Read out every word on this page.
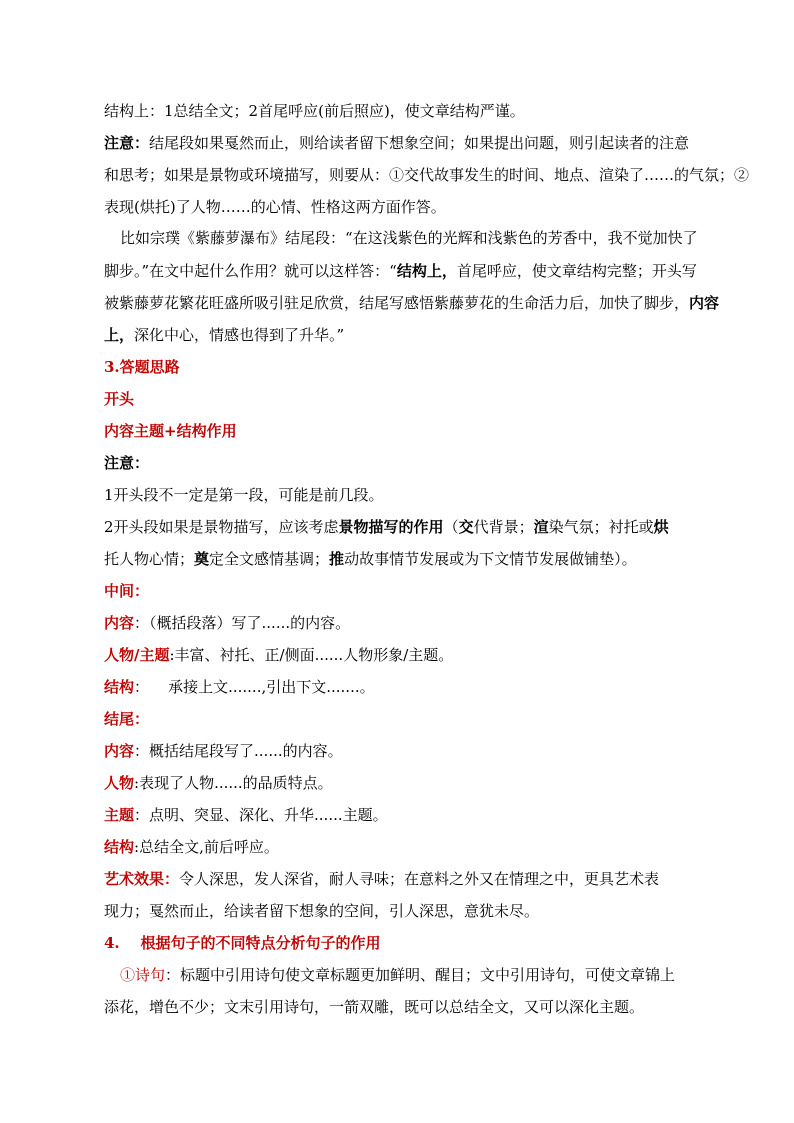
结构上：1总结全文；2首尾呼应(前后照应)，使文章结构严谨。
注意：结尾段如果戛然而止，则给读者留下想象空间；如果提出问题，则引起读者的注意
和思考；如果是景物或环境描写，则要从：①交代故事发生的时间、地点、渲染了……的气氛；②
表现(烘托)了人物……的心情、性格这两方面作答。
比如宗璞《紫藤萝瀑布》结尾段：“在这浅紫色的光辉和浅紫色的芳香中，我不觉加快了
脚步。”在文中起什么作用？就可以这样答：“结构上，首尾呼应，使文章结构完整；开头写
被紫藤萝花繁花旺盛所吸引驻足欣赏，结尾写感悟紫藤萝花的生命活力后，加快了脚步，内容
上，深化中心，情感也得到了升华。”
3.答题思路
开头
内容主题+结构作用
注意：
1开头段不一定是第一段，可能是前几段。
2开头段如果是景物描写，应该考虑景物描写的作用（交代背景；渲染气氛；衬托或烘
托人物心情；奠定全文感情基调；推动故事情节发展或为下文情节发展做铺垫）。
中间：
内容：（概括段落）写了......的内容。
人物/主题:丰富、衬托、正/侧面......人物形象/主题。
结构：    承接上文.......,引出下文.......。
结尾：
内容：概括结尾段写了......的内容。
人物:表现了人物......的品质特点。
主题：点明、突显、深化、升华......主题。
结构:总结全文,前后呼应。
艺术效果：令人深思，发人深省，耐人寻味；在意料之外又在情理之中，更具艺术表
现力；戛然而止，给读者留下想象的空间，引人深思，意犹未尽。
4.    根据句子的不同特点分析句子的作用
①诗句：标题中引用诗句使文章标题更加鲜明、醒目；文中引用诗句，可使文章锦上
添花，增色不少；文末引用诗句，一箭双雕，既可以总结全文，又可以深化主题。
